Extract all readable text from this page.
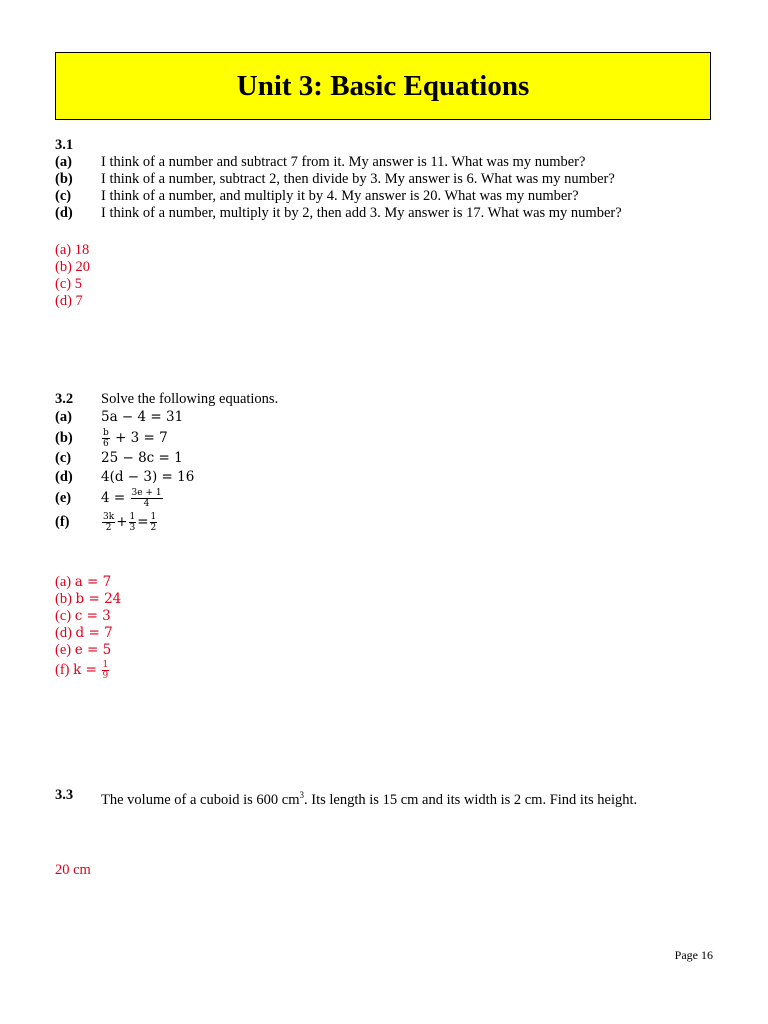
Unit 3: Basic Equations
3.1
(a) I think of a number and subtract 7 from it. My answer is 11. What was my number?
(b) I think of a number, subtract 2, then divide by 3. My answer is 6. What was my number?
(c) I think of a number, and multiply it by 4. My answer is 20. What was my number?
(d) I think of a number, multiply it by 2, then add 3. My answer is 17. What was my number?
(a) 18
(b) 20
(c) 5
(d) 7
3.2 Solve the following equations.
(a) 5a − 4 = 31
(b)	$\frac{b}{6} + 3 = 7$
(c) 25 − 8c = 1
(d) 4(d − 3) = 16
(e) $4 = \frac{3e + 1}{4}$
(f)	$\frac{3k}{2} + \frac{1}{3} = \frac{1}{2}$
(a) a = 7
(b) b = 24
(c) c = 3
(d) d = 7
(e) e = 5
(f) $k = \frac{1}{9}$
3.3 The volume of a cuboid is 600 $cm^3$. Its length is 15 cm and its width is 2 cm. Find its height.
20 cm
Page 16
